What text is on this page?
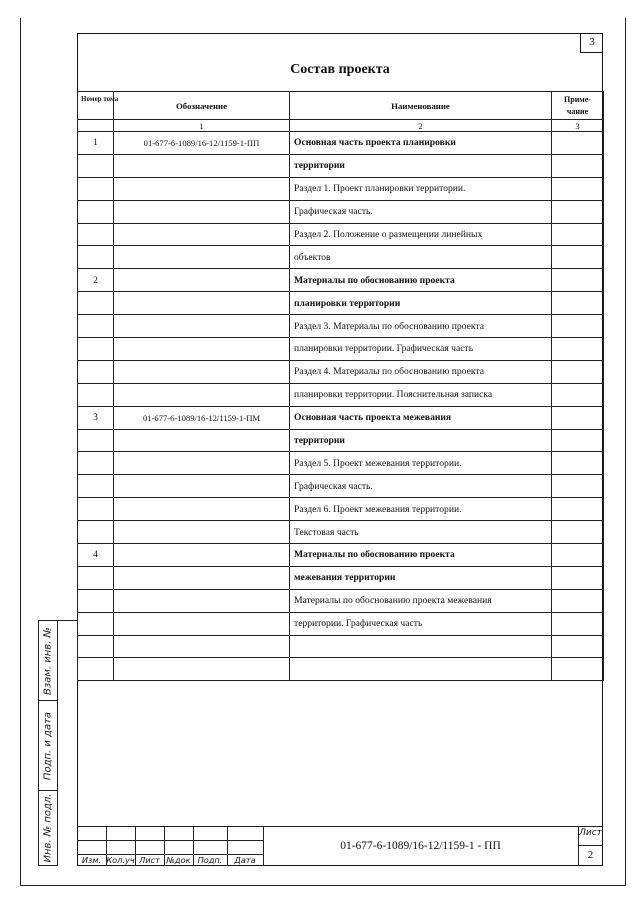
3
Состав проекта
Номер тома	Обозначение	Наименование	Приме-
чание
	1	2	3
1	01-677-6-1089/16-12/1159-1-ПП	Основная часть проекта планировки	
		территории	
		Раздел 1. Проект планировки территории.	
		Графическая часть.	
		Раздел 2. Положение о размещении линейных	
		объектов	
2		Материалы по обоснованию проекта	
		планировки территории	
		Раздел 3. Материалы по обоснованию проекта	
		планировки территории. Графическая часть	
		Раздел 4. Материалы по обоснованию проекта	
		планировки территории. Пояснительная записка	
3	01-677-6-1089/16-12/1159-1-ПМ	Основная часть проекта межевания	
		территории	
		Раздел 5. Проект межевания территории.	
		Графическая часть.	
		Раздел 6. Проект межевания территории.	
		Текстовая часть	
4		Материалы по обоснованию проекта	
		межевания территории	
		Материалы по обоснованию проекта межевания	
		территории. Графическая часть	

Взам. инв. №
Подп. и дата
Инв. № подл.	01-677-6-1089/16-12/1159-1 - ПП
Лист
2
Изм. Кол.уч Лист №док Подп.	Дата
